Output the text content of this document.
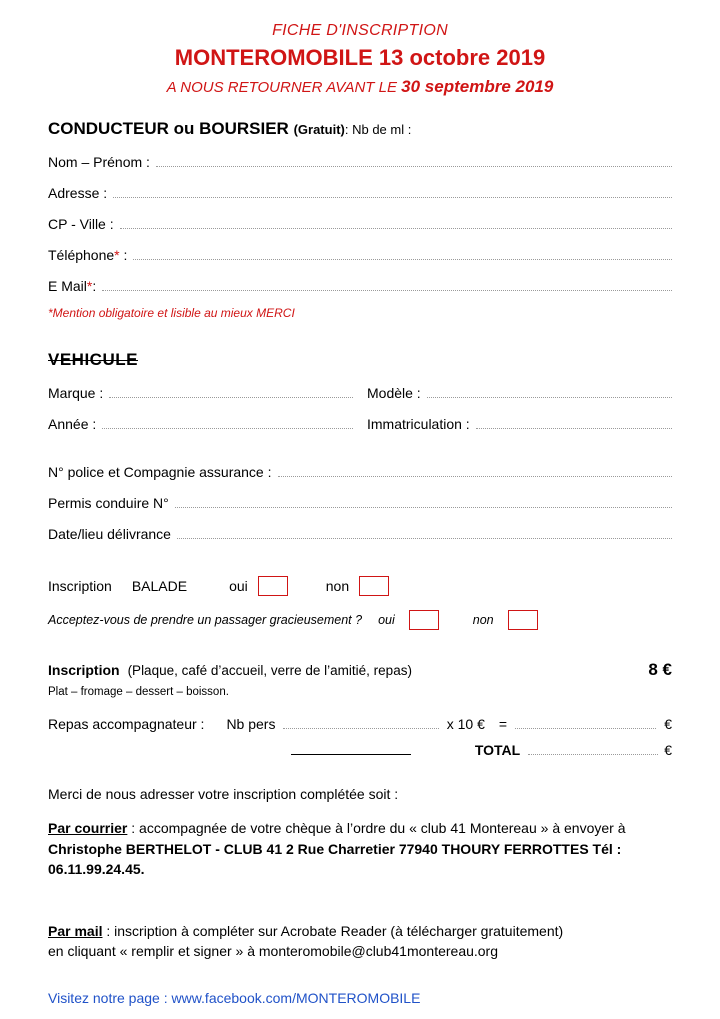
FICHE D'INSCRIPTION
MONTEROMOBILE 13 octobre 2019
A NOUS RETOURNER AVANT LE 30 septembre 2019
CONDUCTEUR ou BOURSIER (Gratuit): Nb de ml :
Nom – Prénom :
Adresse :
CP - Ville :
Téléphone* :
E Mail*:
*Mention obligatoire et lisible au mieux MERCI
VEHICULE
Marque :	Modèle :
Année :	Immatriculation :
N° police et Compagnie assurance :
Permis conduire N°
Date/lieu délivrance
Inscription BALADE	oui	non
Acceptez-vous de prendre un passager gracieusement ? oui	non
Inscription (Plaque, café d’accueil, verre de l’amitié, repas)	8 €
Plat – fromage – dessert – boisson.
Repas accompagnateur : Nb pers	x 10 € =	€
TOTAL	€
Merci de nous adresser votre inscription complétée soit :
Par courrier : accompagnée de votre chèque à l’ordre du « club 41 Montereau » à envoyer à Christophe BERTHELOT - CLUB 41 2 Rue Charretier 77940 THOURY FERROTTES Tél : 06.11.99.24.45.
Par mail : inscription à compléter sur Acrobate Reader (à télécharger gratuitement)
en cliquant « remplir et signer » à monteromobile@club41montereau.org
Visitez notre page : www.facebook.com/MONTEROMOBILE
